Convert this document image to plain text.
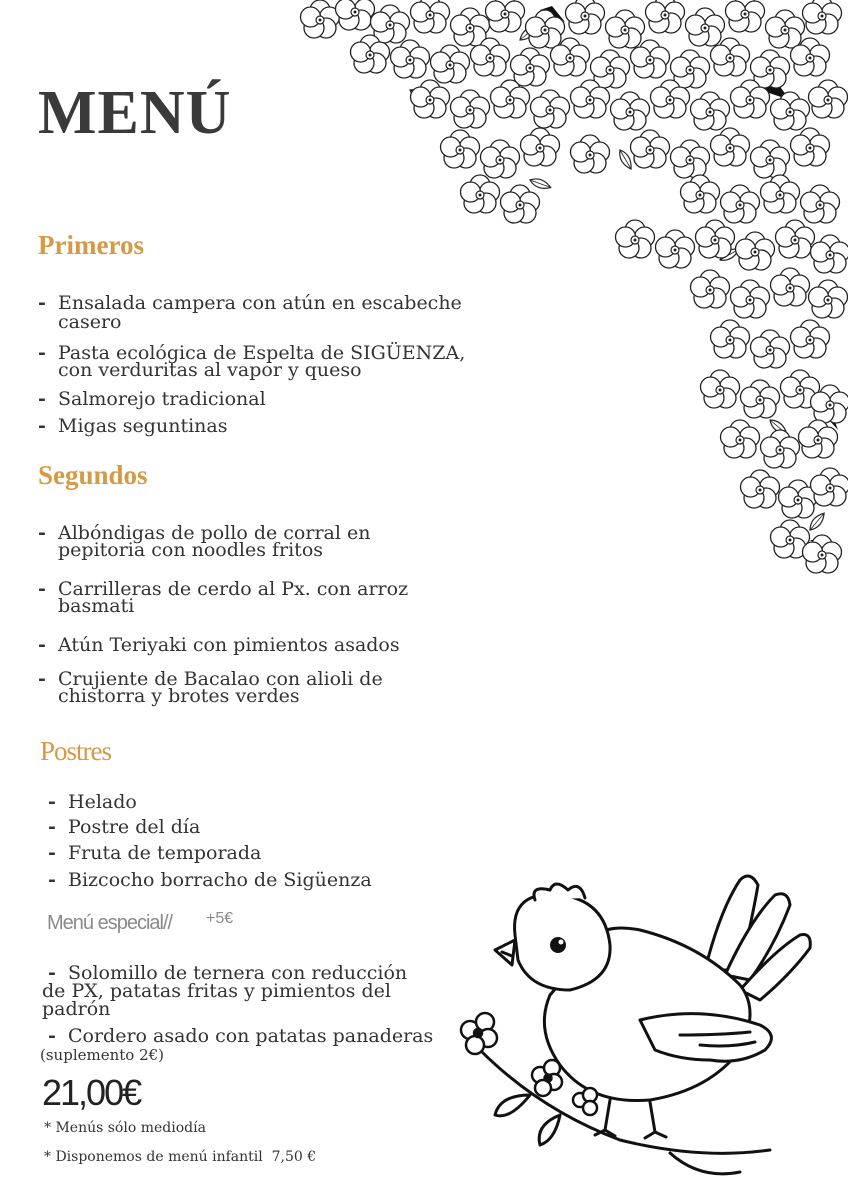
MENÚ
Primeros
- Ensalada campera con atún en escabeche
casero
- Pasta ecológica de Espelta de SIGÜENZA,
con verduritas al vapor y queso
- Salmorejo tradicional
- Migas seguntinas
Segundos
- Albóndigas de pollo de corral en
pepitoria con noodles fritos
- Carrilleras de cerdo al Px. con arroz
basmati
- Atún Teriyaki con pimientos asados
- Crujiente de Bacalao con alioli de
chistorra y brotes verdes
Postres
- Helado
- Postre del día
- Fruta de temporada
- Bizcocho borracho de Sigüenza
Menú especial// +5€
- Solomillo de ternera con reducción
de PX, patatas fritas y pimientos del
padrón
- Cordero asado con patatas panaderas
(suplemento 2€)
21,00€
* Menús sólo mediodía
* Disponemos de menú infantil 7,50 €
